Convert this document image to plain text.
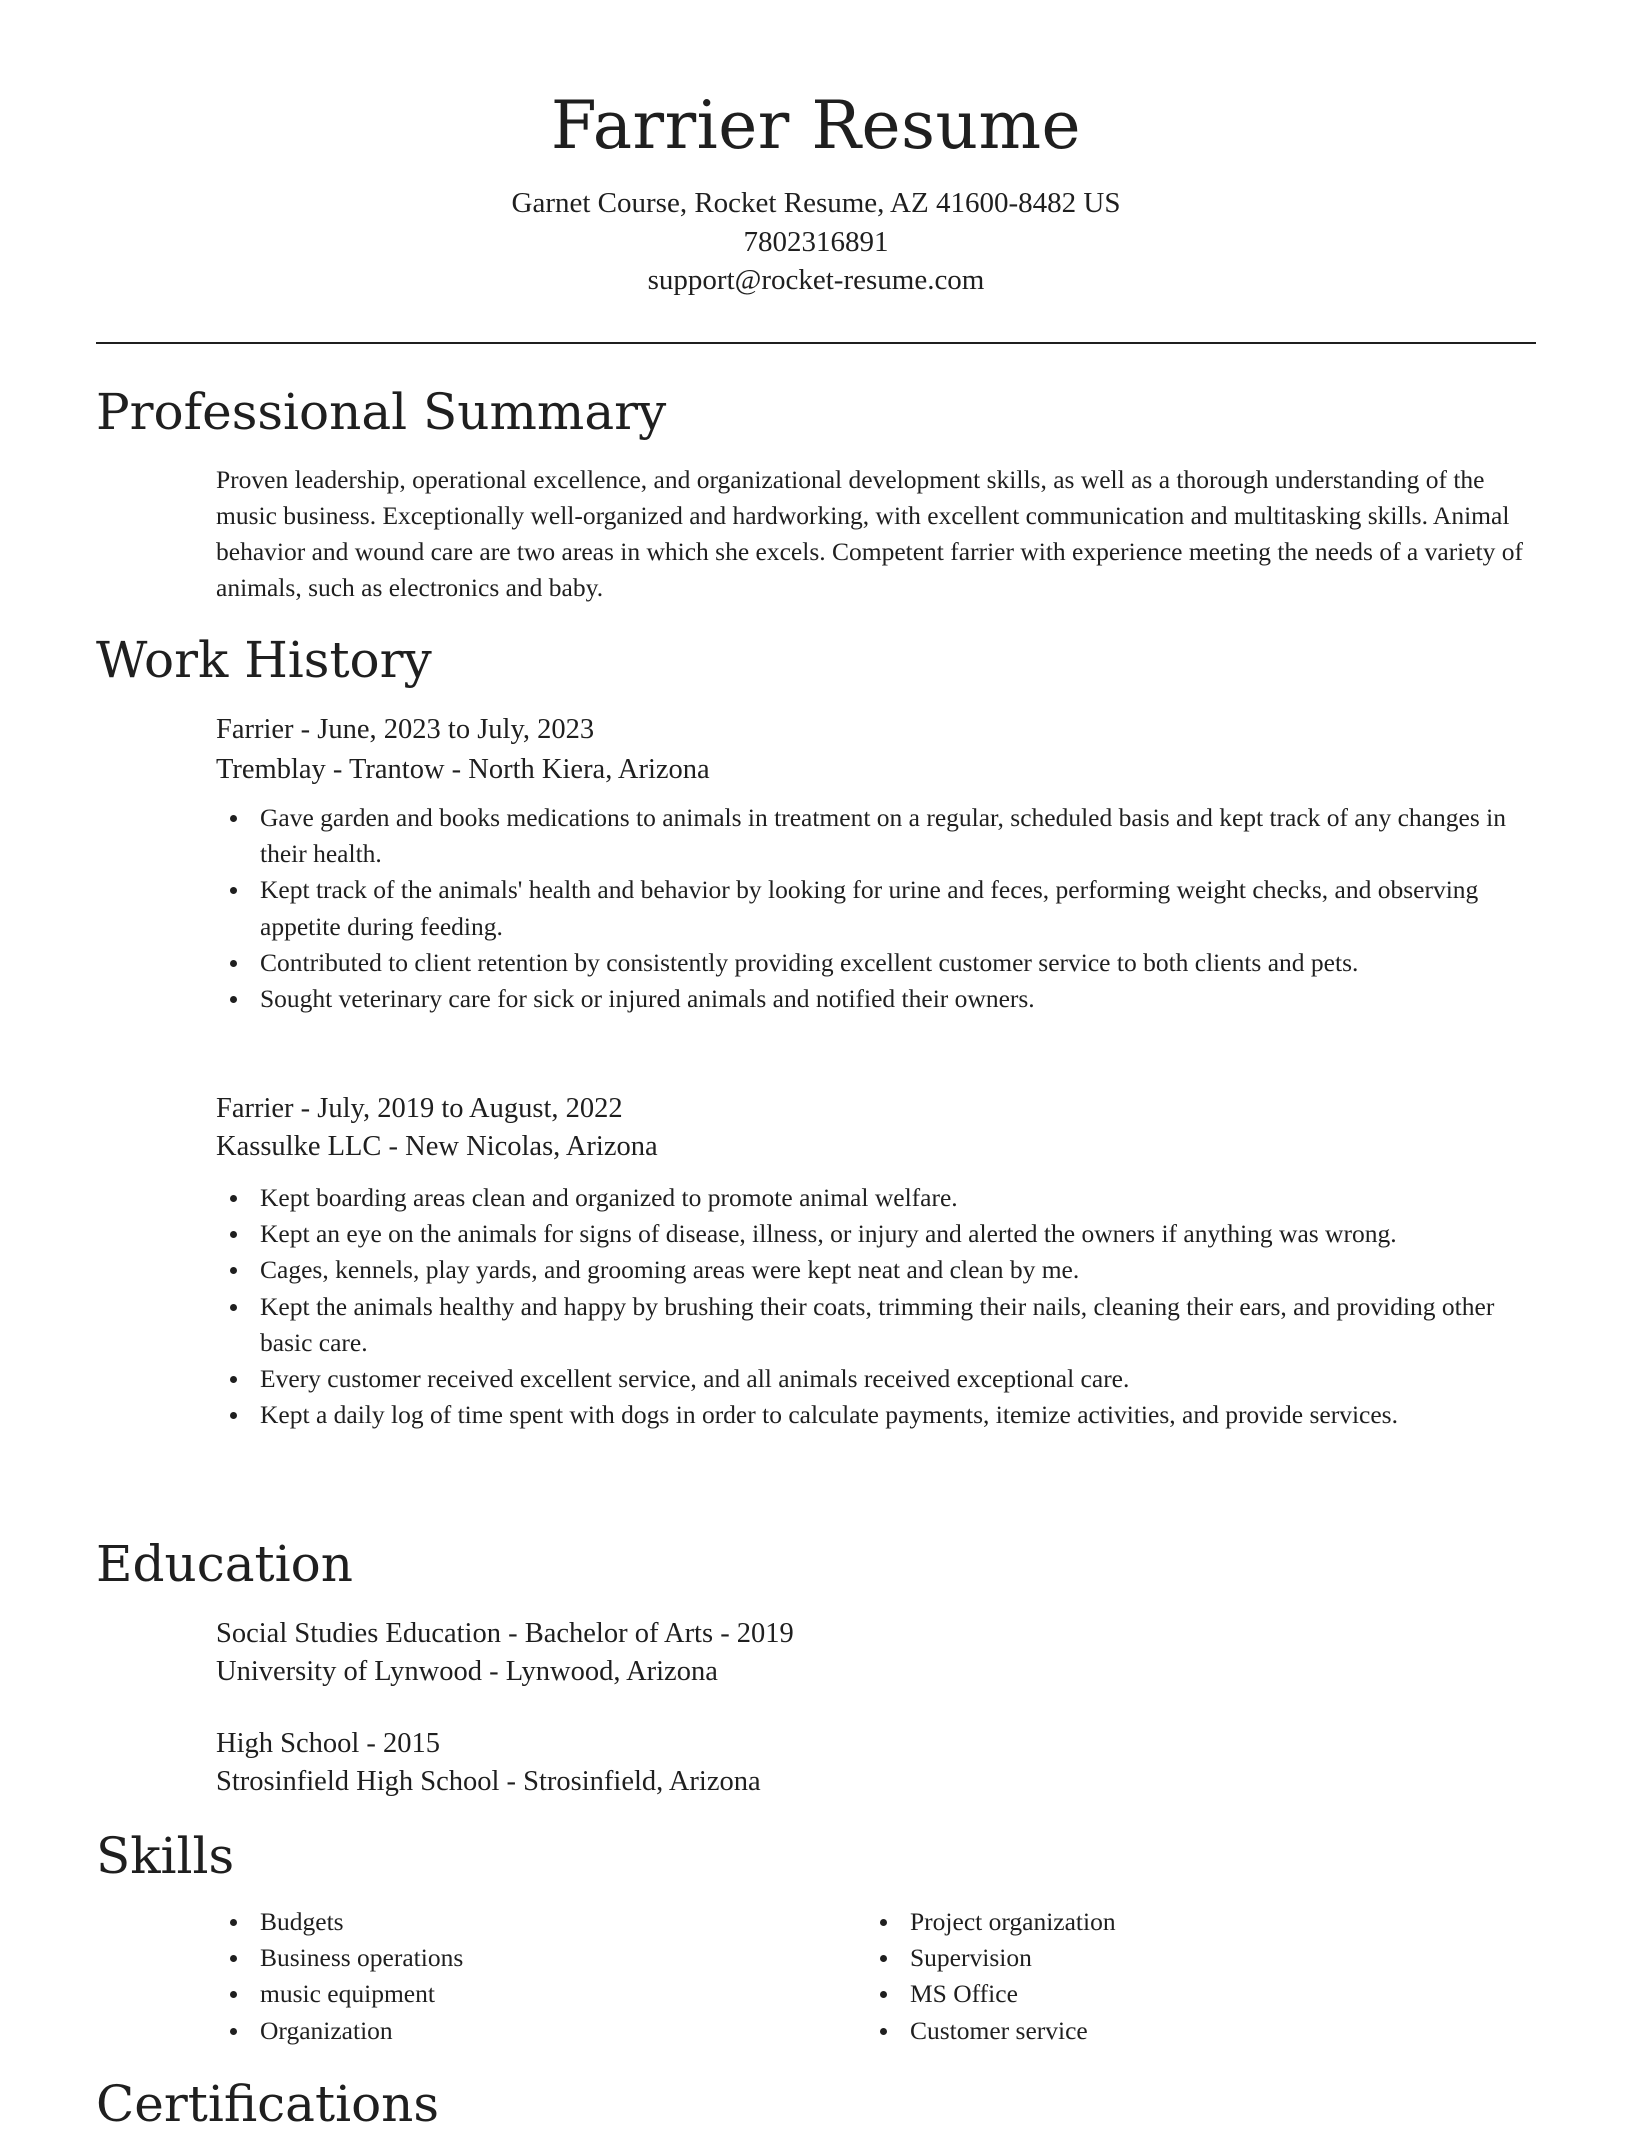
Farrier Resume
Garnet Course, Rocket Resume, AZ 41600-8482 US
7802316891
support@rocket-resume.com
Professional Summary
Proven leadership, operational excellence, and organizational development skills, as well as a thorough understanding of the music business. Exceptionally well-organized and hardworking, with excellent communication and multitasking skills. Animal behavior and wound care are two areas in which she excels. Competent farrier with experience meeting the needs of a variety of animals, such as electronics and baby.
Work History
Farrier - June, 2023 to July, 2023
Tremblay - Trantow - North Kiera, Arizona
Gave garden and books medications to animals in treatment on a regular, scheduled basis and kept track of any changes in their health.
Kept track of the animals' health and behavior by looking for urine and feces, performing weight checks, and observing appetite during feeding.
Contributed to client retention by consistently providing excellent customer service to both clients and pets.
Sought veterinary care for sick or injured animals and notified their owners.
Farrier - July, 2019 to August, 2022
Kassulke LLC - New Nicolas, Arizona
Kept boarding areas clean and organized to promote animal welfare.
Kept an eye on the animals for signs of disease, illness, or injury and alerted the owners if anything was wrong.
Cages, kennels, play yards, and grooming areas were kept neat and clean by me.
Kept the animals healthy and happy by brushing their coats, trimming their nails, cleaning their ears, and providing other basic care.
Every customer received excellent service, and all animals received exceptional care.
Kept a daily log of time spent with dogs in order to calculate payments, itemize activities, and provide services.
Education
Social Studies Education - Bachelor of Arts - 2019
University of Lynwood - Lynwood, Arizona
High School - 2015
Strosinfield High School - Strosinfield, Arizona
Skills
Budgets
Business operations
music equipment
Organization
Project organization
Supervision
MS Office
Customer service
Certifications
